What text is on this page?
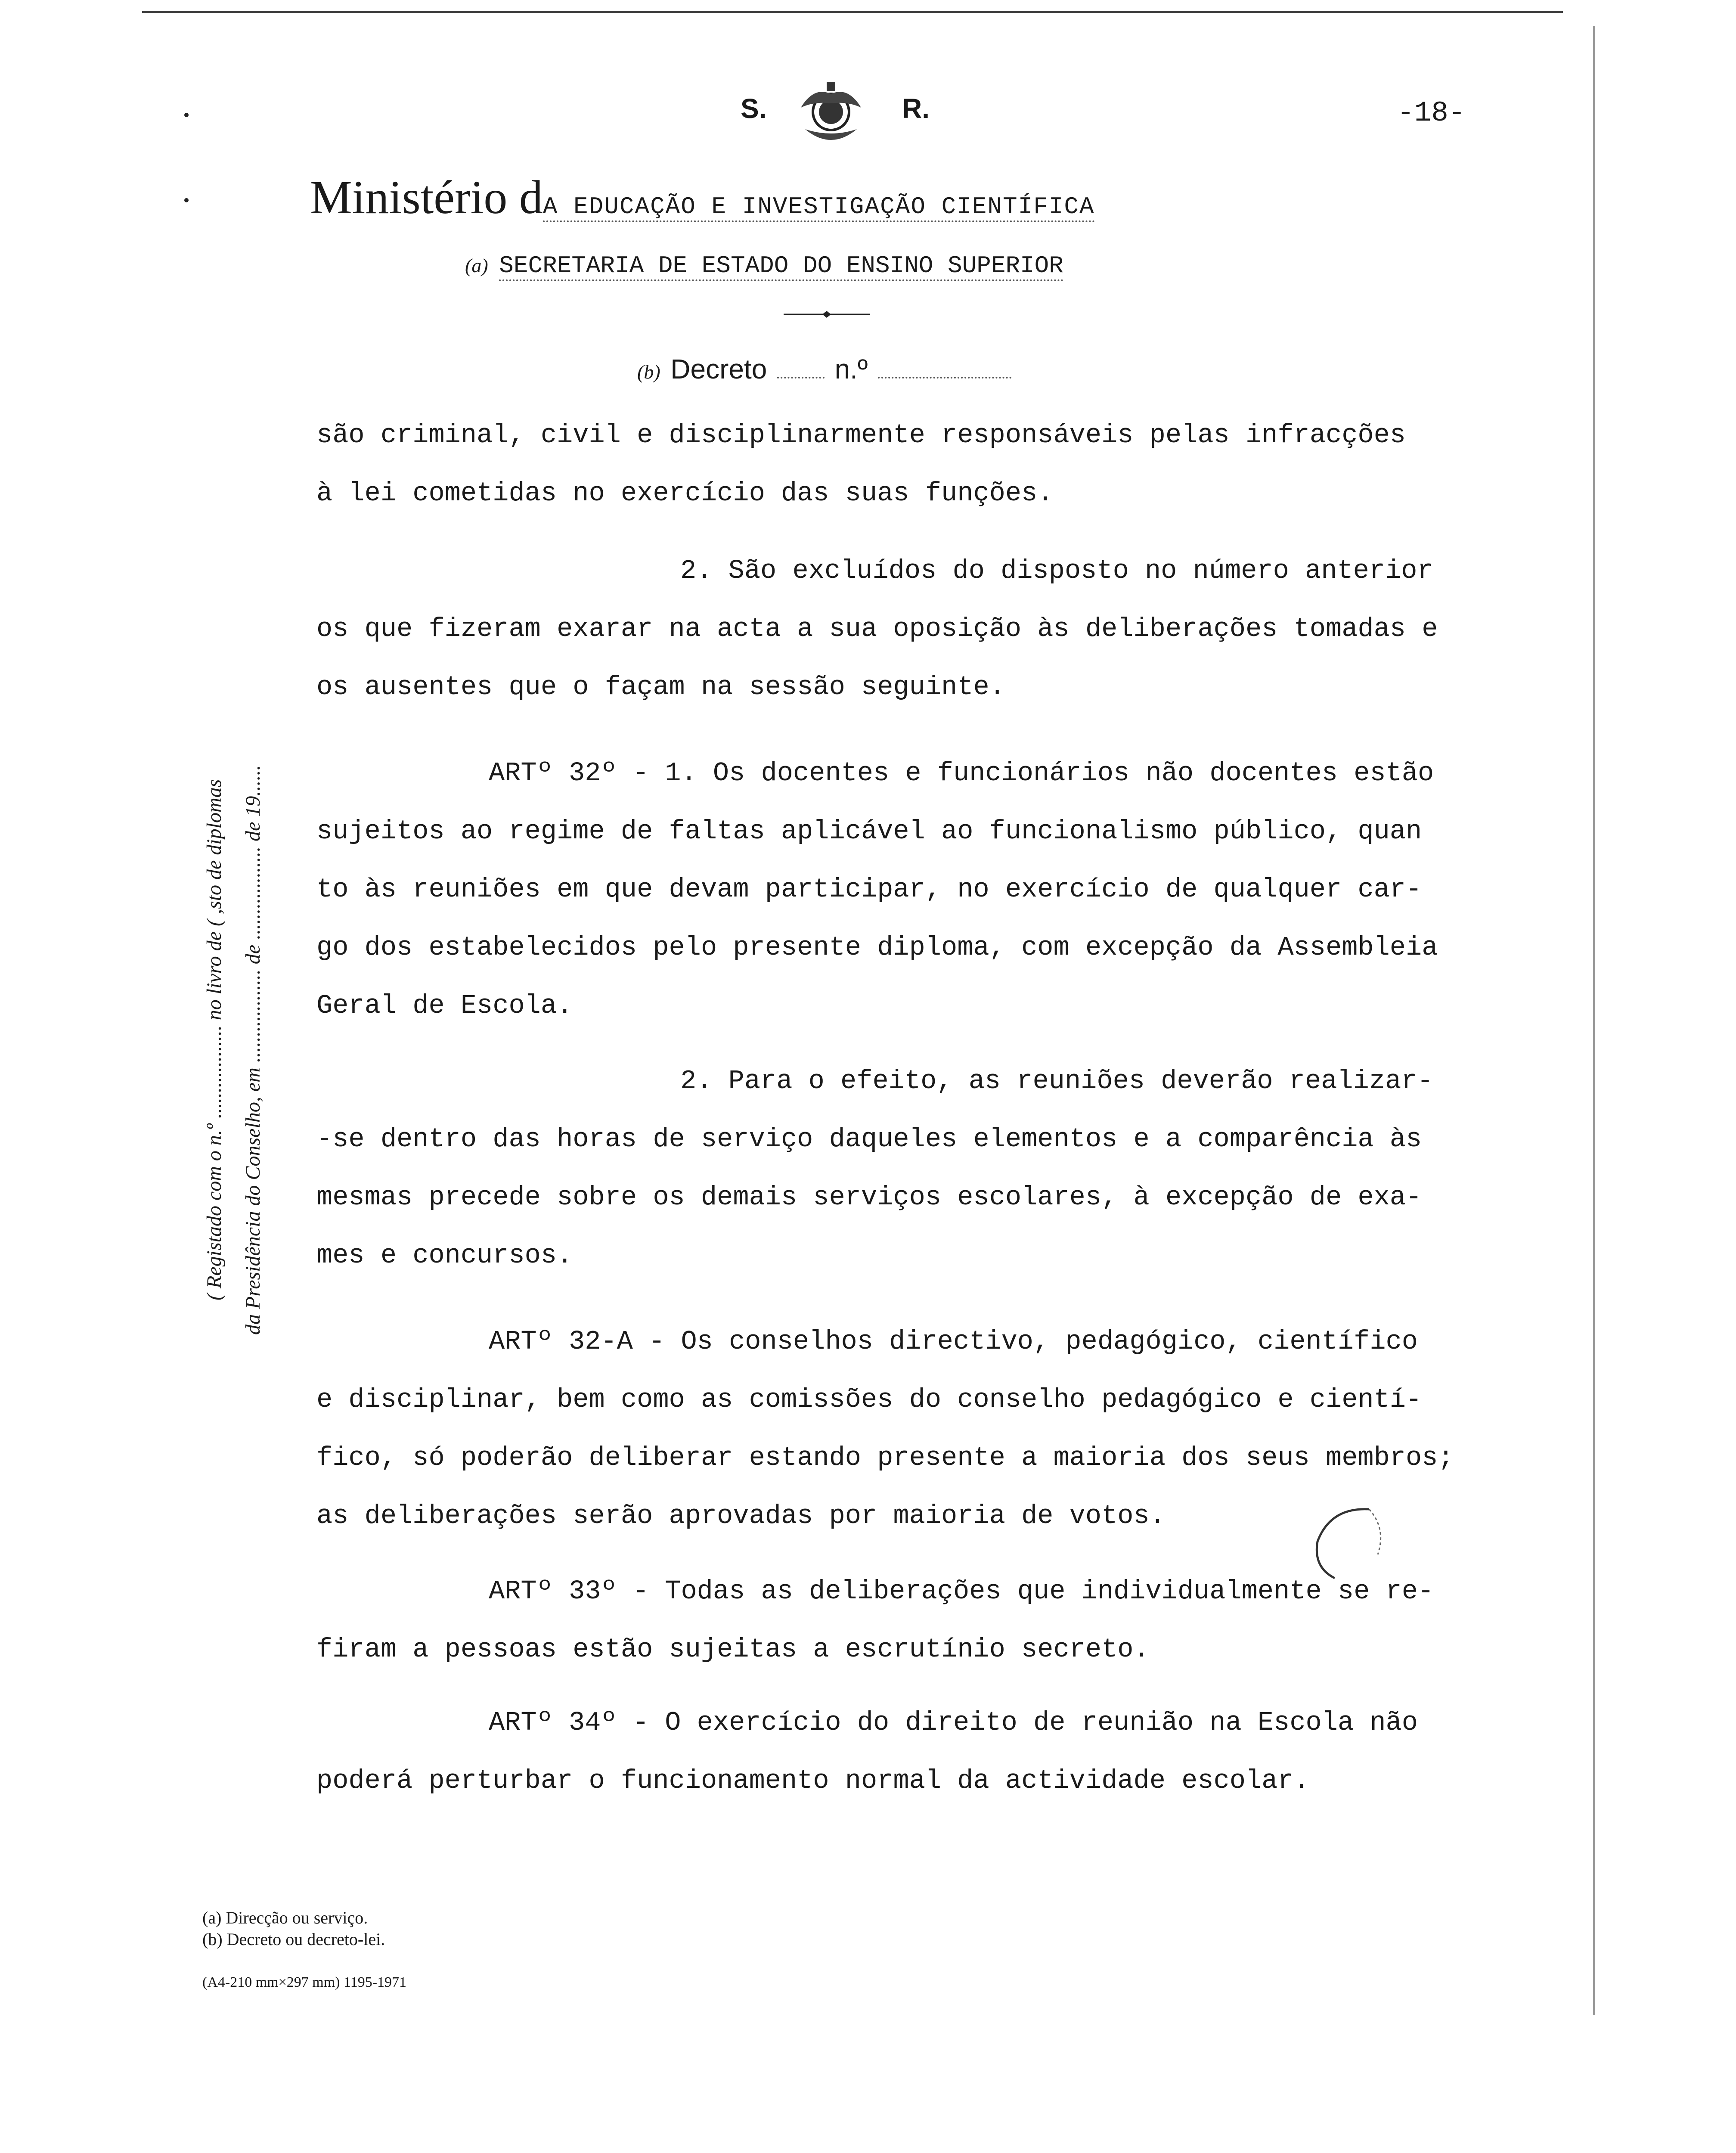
S.	R.	-18-
Ministério dA EDUCAÇÃO E INVESTIGAÇÃO CIENTÍFICA
(a) SECRETARIA DE ESTADO DO ENSINO SUPERIOR
(b) Decreto n.º
( Registado com o n.º .................. no livro de ( ,sto de diplomas da Presidência do Conselho, em .................. de .................. de 19......
são criminal, civil e disciplinarmente responsáveis pelas infracções
à lei cometidas no exercício das suas funções.
2. São excluídos do disposto no número anterior
os que fizeram exarar na acta a sua oposição às deliberações tomadas e
os ausentes que o façam na sessão seguinte.
ARTº 32º - 1. Os docentes e funcionários não docentes estão
sujeitos ao regime de faltas aplicável ao funcionalismo público, quan
to às reuniões em que devam participar, no exercício de qualquer car-
go dos estabelecidos pelo presente diploma, com excepção da Assembleia
Geral de Escola.
2. Para o efeito, as reuniões deverão realizar-
-se dentro das horas de serviço daqueles elementos e a comparência às
mesmas precede sobre os demais serviços escolares, à excepção de exa-
mes e concursos.
ARTº 32-A - Os conselhos directivo, pedagógico, científico
e disciplinar, bem como as comissões do conselho pedagógico e cientí-
fico, só poderão deliberar estando presente a maioria dos seus membros;
as deliberações serão aprovadas por maioria de votos.
ARTº 33º - Todas as deliberações que individualmente se re-
firam a pessoas estão sujeitas a escrutínio secreto.
ARTº 34º - O exercício do direito de reunião na Escola não
poderá perturbar o funcionamento normal da actividade escolar.
(a) Direcção ou serviço.
(b) Decreto ou decreto-lei.
(A4-210 mm×297 mm) 1195-1971
